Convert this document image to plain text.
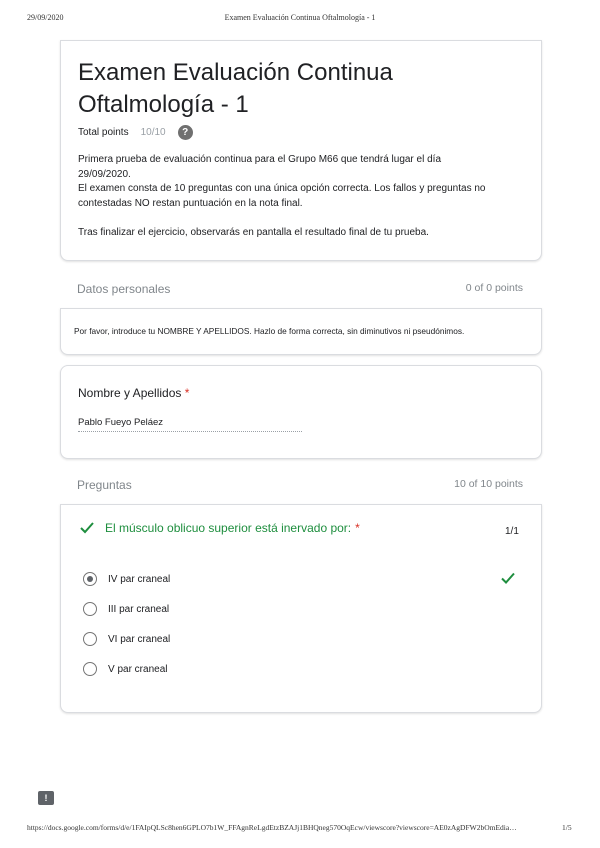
29/09/2020	Examen Evaluación Continua Oftalmología - 1
Examen Evaluación Continua
Oftalmología - 1
Total points 10/10	?
Primera prueba de evaluación continua para el Grupo M66 que tendrá lugar el día
29/09/2020.
El examen consta de 10 preguntas con una única opción correcta. Los fallos y preguntas no
contestadas NO restan puntuación en la nota final.
Tras finalizar el ejercicio, observarás en pantalla el resultado final de tu prueba.
Datos personales	0 of 0 points
Por favor, introduce tu NOMBRE Y APELLIDOS. Hazlo de forma correcta, sin diminutivos ni pseudónimos.
Nombre y Apellidos *
Pablo Fueyo Peláez
Preguntas	10 of 10 points
El músculo oblicuo superior está inervado por: *	1/1
IV par craneal
III par craneal
VI par craneal
V par craneal
!
https://docs.google.com/forms/d/e/1FAIpQLSc8hen6GPLO7b1W_FFAgnReLgdEtzBZAJj1BHQneg570OqEcw/viewscore?viewscore=AE0zAgDFW2bOmEdia…	1/5
